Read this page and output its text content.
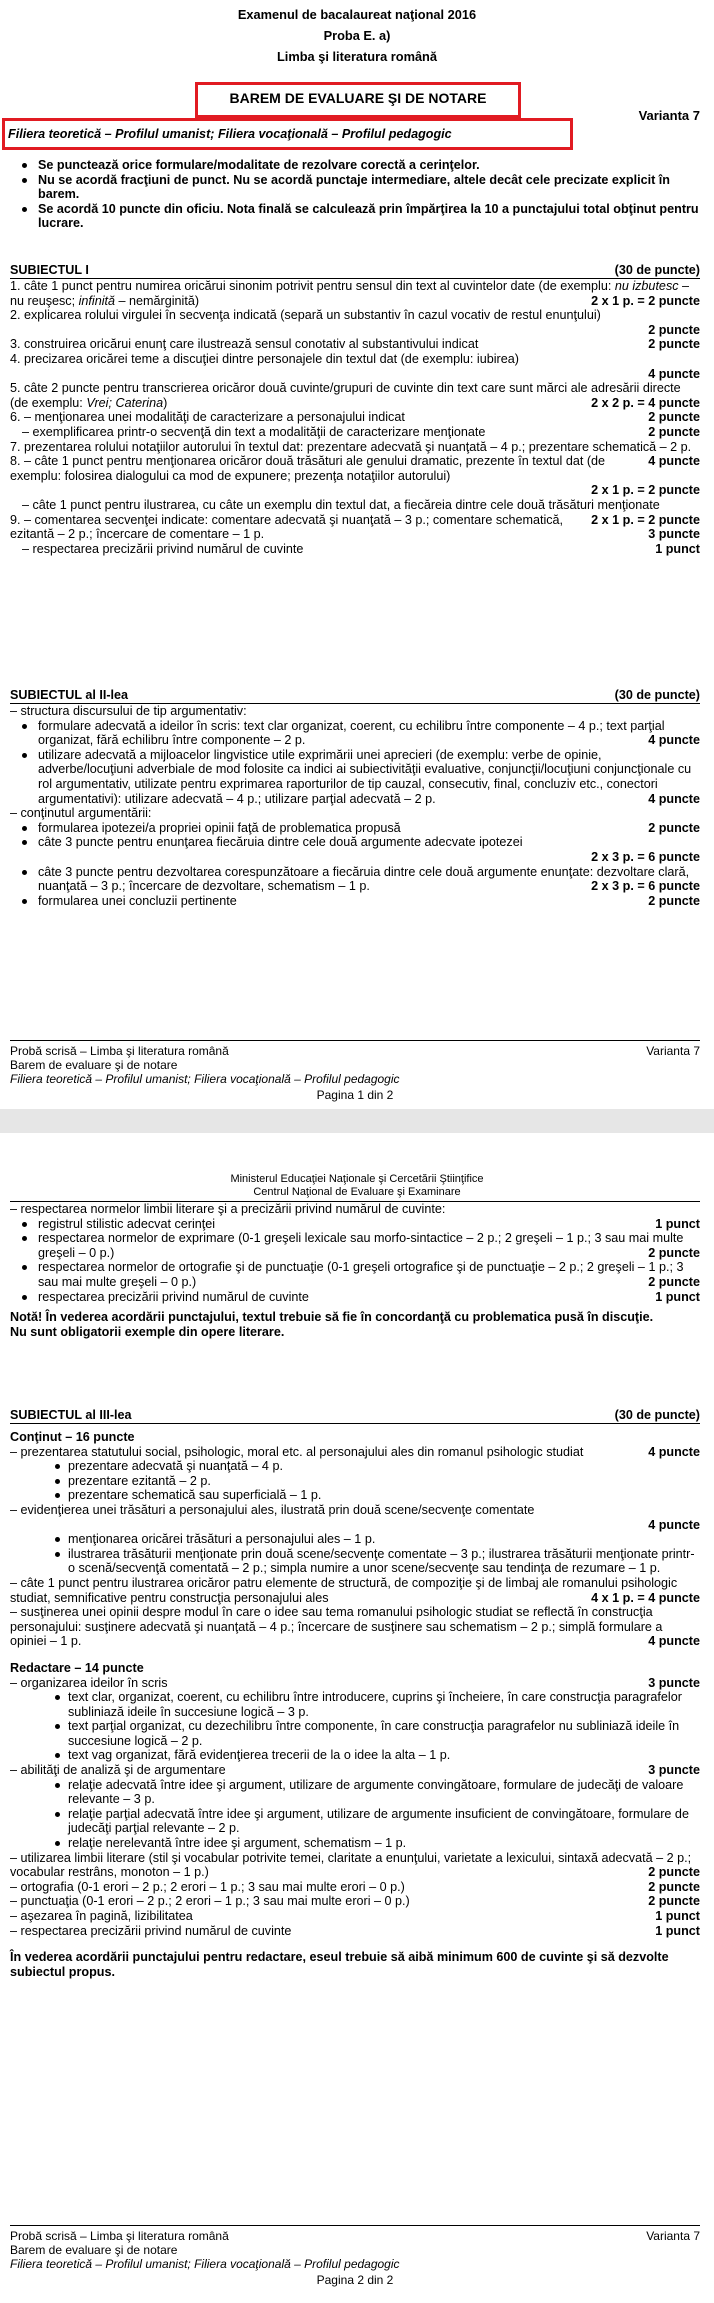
Examenul de bacalaureat naţional 2016
Proba E. a)
Limba şi literatura română
BAREM DE EVALUARE ŞI DE NOTARE
Varianta 7
Filiera teoretică – Profilul umanist; Filiera vocaţională – Profilul pedagogic
Se punctează orice formulare/modalitate de rezolvare corectă a cerinţelor.
Nu se acordă fracţiuni de punct. Nu se acordă punctaje intermediare, altele decât cele precizate explicit în barem.
Se acordă 10 puncte din oficiu. Nota finală se calculează prin împărţirea la 10 a punctajului total obţinut pentru lucrare.
SUBIECTUL I	(30 de puncte)
1. câte 1 punct pentru numirea oricărui sinonim potrivit pentru sensul din text al cuvintelor date (de exemplu: nu izbutesc – nu reuşesc; infinită – nemărginită)	2 x 1 p. = 2 puncte
2. explicarea rolului virgulei în secvenţa indicată (separă un substantiv în cazul vocativ de restul enunţului)
2 puncte
3. construirea oricărui enunţ care ilustrează sensul conotativ al substantivului indicat	2 puncte
4. precizarea oricărei teme a discuţiei dintre personajele din textul dat (de exemplu: iubirea)
4 puncte
5. câte 2 puncte pentru transcrierea oricăror două cuvinte/grupuri de cuvinte din text care sunt mărci ale adresării directe (de exemplu: Vrei; Caterina)	2 x 2 p. = 4 puncte
6. – menţionarea unei modalităţi de caracterizare a personajului indicat	2 puncte
– exemplificarea printr-o secvenţă din text a modalităţii de caracterizare menţionate	2 puncte
7. prezentarea rolului notaţiilor autorului în textul dat: prezentare adecvată şi nuanţată – 4 p.; prezentare schematică – 2 p.
4 puncte
8. – câte 1 punct pentru menţionarea oricăror două trăsături ale genului dramatic, prezente în textul dat (de exemplu: folosirea dialogului ca mod de expunere; prezenţa notaţiilor autorului)
2 x 1 p. = 2 puncte
– câte 1 punct pentru ilustrarea, cu câte un exemplu din textul dat, a fiecăreia dintre cele două trăsături menţionate
2 x 1 p. = 2 puncte
9. – comentarea secvenţei indicate: comentare adecvată şi nuanţată – 3 p.; comentare schematică, ezitantă – 2 p.; încercare de comentare – 1 p.	3 puncte
– respectarea precizării privind numărul de cuvinte	1 punct
SUBIECTUL al II-lea	(30 de puncte)
– structura discursului de tip argumentativ:
formulare adecvată a ideilor în scris: text clar organizat, coerent, cu echilibru între componente – 4 p.; text parţial organizat, fără echilibru între componente – 2 p.	4 puncte
utilizare adecvată a mijloacelor lingvistice utile exprimării unei aprecieri (de exemplu: verbe de opinie, adverbe/locuţiuni adverbiale de mod folosite ca indici ai subiectivităţii evaluative, conjuncţii/locuţiuni conjuncţionale cu rol argumentativ, utilizate pentru exprimarea raporturilor de tip cauzal, consecutiv, final, concluziv etc., conectori argumentativi): utilizare adecvată – 4 p.; utilizare parţial adecvată – 2 p.	4 puncte
– conţinutul argumentării:
formularea ipotezei/a propriei opinii faţă de problematica propusă	2 puncte
câte 3 puncte pentru enunţarea fiecăruia dintre cele două argumente adecvate ipotezei
2 x 3 p. = 6 puncte
câte 3 puncte pentru dezvoltarea corespunzătoare a fiecăruia dintre cele două argumente enunţate: dezvoltare clară, nuanţată – 3 p.; încercare de dezvoltare, schematism – 1 p.	2 x 3 p. = 6 puncte
formularea unei concluzii pertinente	2 puncte
Probă scrisă – Limba şi literatura română	Varianta 7
Barem de evaluare şi de notare
Filiera teoretică – Profilul umanist; Filiera vocaţională – Profilul pedagogic
Pagina 1 din 2
Ministerul Educaţiei Naţionale şi Cercetării Ştiinţifice
Centrul Naţional de Evaluare şi Examinare
– respectarea normelor limbii literare şi a precizării privind numărul de cuvinte:
registrul stilistic adecvat cerinţei	1 punct
respectarea normelor de exprimare (0-1 greşeli lexicale sau morfo-sintactice – 2 p.; 2 greşeli – 1 p.; 3 sau mai multe greşeli – 0 p.)	2 puncte
respectarea normelor de ortografie şi de punctuaţie (0-1 greşeli ortografice şi de punctuaţie – 2 p.; 2 greşeli – 1 p.; 3 sau mai multe greşeli – 0 p.)	2 puncte
respectarea precizării privind numărul de cuvinte	1 punct
Notă! În vederea acordării punctajului, textul trebuie să fie în concordanţă cu problematica pusă în discuţie.
Nu sunt obligatorii exemple din opere literare.
SUBIECTUL al III-lea	(30 de puncte)
Conţinut – 16 puncte
– prezentarea statutului social, psihologic, moral etc. al personajului ales din romanul psihologic studiat	4 puncte
prezentare adecvată şi nuanţată – 4 p.
prezentare ezitantă – 2 p.
prezentare schematică sau superficială – 1 p.
– evidenţierea unei trăsături a personajului ales, ilustrată prin două scene/secvenţe comentate
4 puncte
menţionarea oricărei trăsături a personajului ales – 1 p.
ilustrarea trăsăturii menţionate prin două scene/secvenţe comentate – 3 p.; ilustrarea trăsăturii menţionate printr-o scenă/secvenţă comentată – 2 p.; simpla numire a unor scene/secvenţe sau tendinţa de rezumare – 1 p.
– câte 1 punct pentru ilustrarea oricăror patru elemente de structură, de compoziţie şi de limbaj ale romanului psihologic studiat, semnificative pentru construcţia personajului ales	4 x 1 p. = 4 puncte
– susţinerea unei opinii despre modul în care o idee sau tema romanului psihologic studiat se reflectă în construcţia personajului: susţinere adecvată şi nuanţată – 4 p.; încercare de susţinere sau schematism – 2 p.; simplă formulare a opiniei – 1 p.	4 puncte
Redactare – 14 puncte
– organizarea ideilor în scris	3 puncte
text clar, organizat, coerent, cu echilibru între introducere, cuprins şi încheiere, în care construcţia paragrafelor subliniază ideile în succesiune logică – 3 p.
text parţial organizat, cu dezechilibru între componente, în care construcţia paragrafelor nu subliniază ideile în succesiune logică – 2 p.
text vag organizat, fără evidenţierea trecerii de la o idee la alta – 1 p.
– abilităţi de analiză şi de argumentare	3 puncte
relaţie adecvată între idee şi argument, utilizare de argumente convingătoare, formulare de judecăţi de valoare relevante – 3 p.
relaţie parţial adecvată între idee şi argument, utilizare de argumente insuficient de convingătoare, formulare de judecăţi parţial relevante – 2 p.
relaţie nerelevantă între idee şi argument, schematism – 1 p.
– utilizarea limbii literare (stil şi vocabular potrivite temei, claritate a enunţului, varietate a lexicului, sintaxă adecvată – 2 p.; vocabular restrâns, monoton – 1 p.)	2 puncte
– ortografia (0-1 erori – 2 p.; 2 erori – 1 p.; 3 sau mai multe erori – 0 p.)	2 puncte
– punctuaţia (0-1 erori – 2 p.; 2 erori – 1 p.; 3 sau mai multe erori – 0 p.)	2 puncte
– aşezarea în pagină, lizibilitatea	1 punct
– respectarea precizării privind numărul de cuvinte	1 punct
În vederea acordării punctajului pentru redactare, eseul trebuie să aibă minimum 600 de cuvinte şi să dezvolte subiectul propus.
Probă scrisă – Limba şi literatura română	Varianta 7
Barem de evaluare şi de notare
Filiera teoretică – Profilul umanist; Filiera vocaţională – Profilul pedagogic
Pagina 2 din 2
